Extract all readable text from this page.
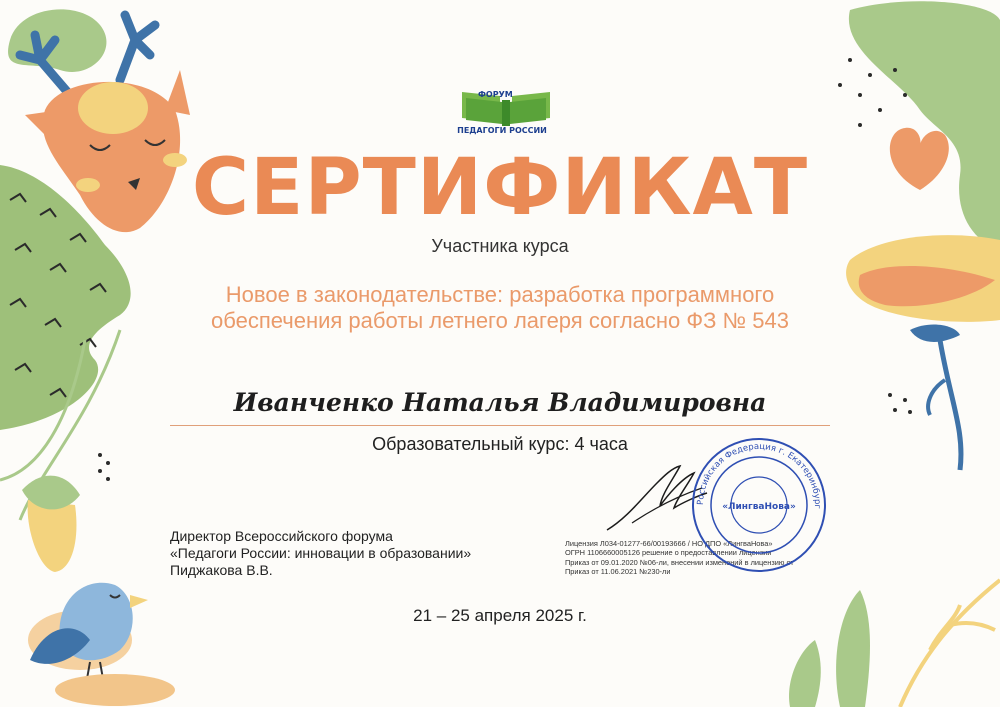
ФОРУМ
ПЕДАГОГИ РОССИИ
СЕРТИФИКАТ
Участника курса
Новое в законодательстве: разработка программного
обеспечения работы летнего лагеря согласно ФЗ № 543
Иванченко Наталья Владимировна
Образовательный курс: 4 часа
Директор Всероссийского форума
«Педагоги России: инновации в образовании»
Пиджакова В.В.
Лицензия Л034-01277-66/00193666 / НО ДПО «ЛингваНова»
ОГРН 1106660005126 решение о предоставлении лицензии
Приказ от 09.01.2020 №06-ли, внесении изменений в лицензию от
Приказ от 11.06.2021 №230-ли
Российская Федерация г. Екатеринбург
«ЛингваНова»
21 – 25 апреля 2025 г.
